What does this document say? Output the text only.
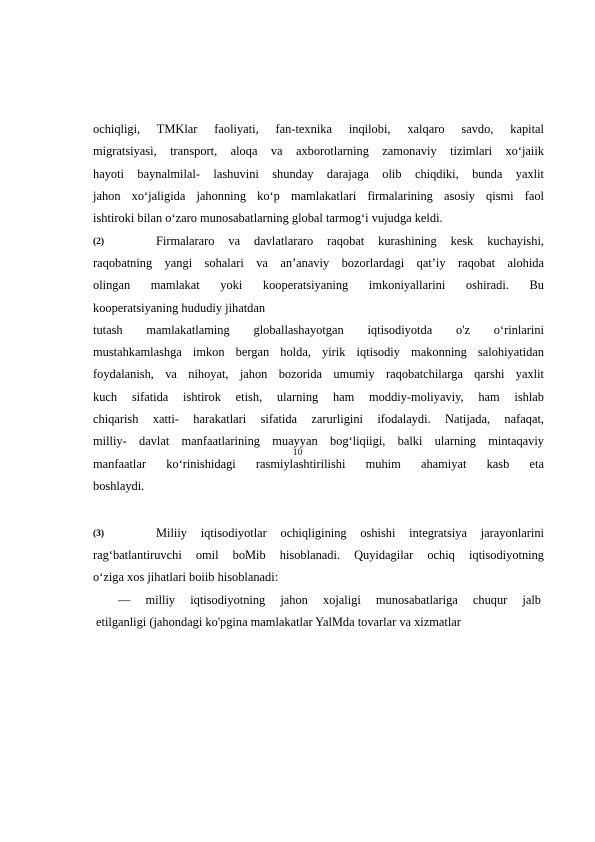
ochiqligi, TMKlar faoliyati, fan-texnika inqilobi, xalqaro savdo, kapital
migratsiyasi, transport, aloqa va axborotlarning zamonaviy tizimlari xo‘jaiik
hayoti baynalmilal- lashuvini shunday darajaga olib chiqdiki, bunda yaxlit
jahon xo‘jaligida jahonning ko‘p mamlakatlari firmalarining asosiy qismi faol
ishtiroki bilan o‘zaro munosabatlarning global tarmog‘i vujudga keldi.
(2)	Firmalararo va davlatlararo raqobat kurashining kesk kuchayishi,
raqobatning yangi sohalari va an’anaviy bozorlardagi qat’iy raqobat alohida
olingan mamlakat yoki kooperatsiyaning imkoniyallarini oshiradi. Bu
kooperatsiyaning hududiy jihatdan
tutash mamlakatlaming globallashayotgan iqtisodiyotda o'z o‘rinlarini
mustahkamlashga imkon bergan holda, yirik iqtisodiy makonning salohiyatidan
foydalanish, va nihoyat, jahon bozorida umumiy raqobatchilarga qarshi yaxlit
kuch sifatida ishtirok etish, ularning ham moddiy-moliyaviy, ham ishlab
chiqarish xatti- harakatlari sifatida zarurligini ifodalaydi. Natijada, nafaqat,
milliy- davlat manfaatlarining muayyan bog‘liqiigi, balki ularning mintaqaviy
manfaatlar ko‘rinishidagi rasmiylashtirilishi muhim ahamiyat kasb eta
boshlaydi.
(3)	Miliiy iqtisodiyotlar ochiqligining oshishi integratsiya jarayonlarini
rag‘batlantiruvchi omil boMib hisoblanadi. Quyidagilar ochiq iqtisodiyotning
o‘ziga xos jihatlari boiib hisoblanadi:
— milliy iqtisodiyotning jahon xojaligi munosabatlariga chuqur jalb
etilganligi (jahondagi ko'pgina mamlakatlar YalMda tovarlar va xizmatlar
10
